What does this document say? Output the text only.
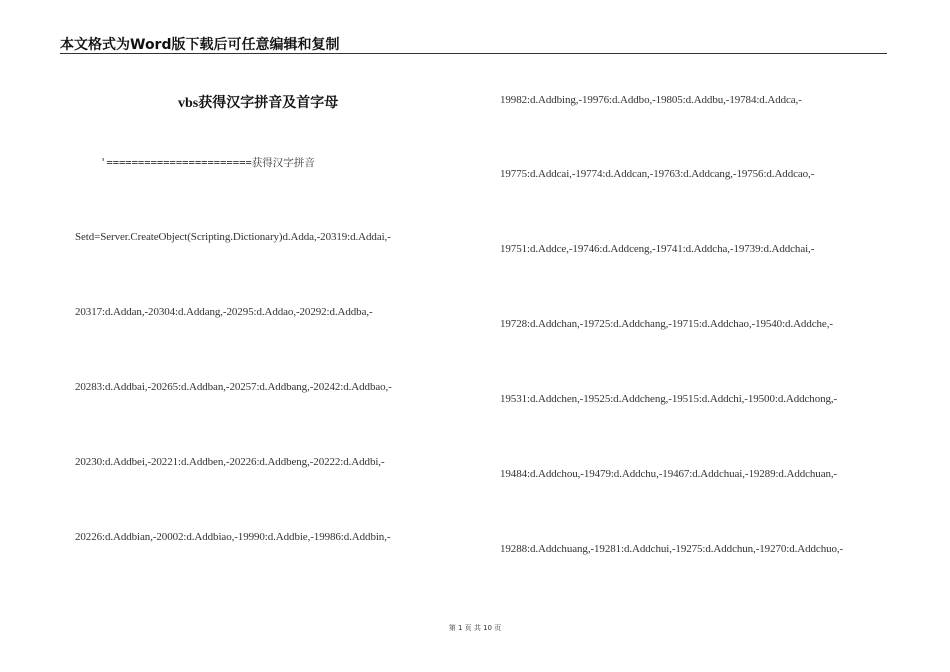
本文格式为Word版下载后可任意编辑和复制
vbs获得汉字拼音及首字母
'=======================获得汉字拼音
Setd=Server.CreateObject(Scripting.Dictionary)d.Adda,-20319:d.Addai,-
20317:d.Addan,-20304:d.Addang,-20295:d.Addao,-20292:d.Addba,-
20283:d.Addbai,-20265:d.Addban,-20257:d.Addbang,-20242:d.Addbao,-
20230:d.Addbei,-20221:d.Addben,-20226:d.Addbeng,-20222:d.Addbi,-
20226:d.Addbian,-20002:d.Addbiao,-19990:d.Addbie,-19986:d.Addbin,-
19982:d.Addbing,-19976:d.Addbo,-19805:d.Addbu,-19784:d.Addca,-
19775:d.Addcai,-19774:d.Addcan,-19763:d.Addcang,-19756:d.Addcao,-
19751:d.Addce,-19746:d.Addceng,-19741:d.Addcha,-19739:d.Addchai,-
19728:d.Addchan,-19725:d.Addchang,-19715:d.Addchao,-19540:d.Addche,-
19531:d.Addchen,-19525:d.Addcheng,-19515:d.Addchi,-19500:d.Addchong,-
19484:d.Addchou,-19479:d.Addchu,-19467:d.Addchuai,-19289:d.Addchuan,-
19288:d.Addchuang,-19281:d.Addchui,-19275:d.Addchun,-19270:d.Addchuo,-
第 1 页 共 10 页
